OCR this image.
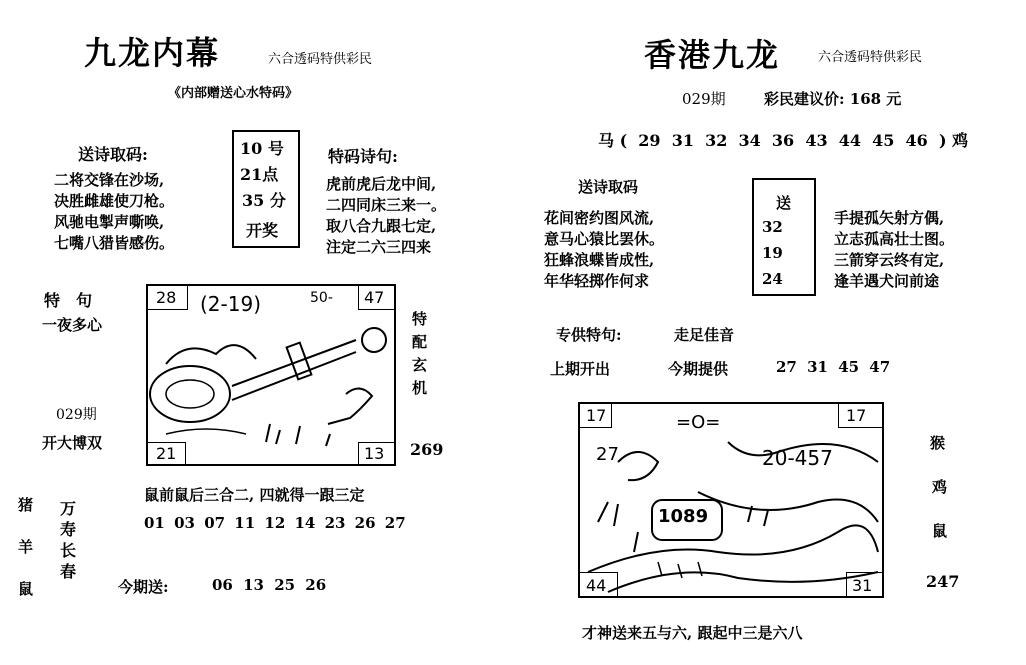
九龙内幕	六合透码特供彩民
《内部赠送心水特码》
送诗取码:
二将交锋在沙场,
决胜雌雄使刀枪。
风驰电掣声嘶唤,
七嘴八猎皆感伤。
10 号
21点
35 分
开奖
特码诗句:
虎前虎后龙中间,
二四同床三来一。
取八合九跟七定,
注定二六三四来
特　句
一夜多心
029期
开大博双
28	47
21	13
(2-19)	50-
特
配
玄
机
269
鼠前鼠后三合二, 四就得一跟三定
01 03 07 11 12 14 23 26 27
猪
羊
鼠
万
寿
长
春
今期送:	06 13 25 26
香港九龙	六合透码特供彩民
029期	彩民建议价: 168 元
马 (  29  31  32  34  36  43  44  45  46  ) 鸡
送诗取码
花间密约图风流,
意马心猿比罢休。
狂蜂浪蝶皆成性,
年华轻掷作何求
送
32
19
24
手提孤矢射方偶,
立志孤高壮士图。
三箭穿云终有定,
逢羊遇犬问前途
专供特句:	走足佳音
上期开出	今期提供	27 31 45 47
17	17
44	31
20-457
=O=
27
1089
猴
鸡
鼠
247
才神送来五与六, 跟起中三是六八
